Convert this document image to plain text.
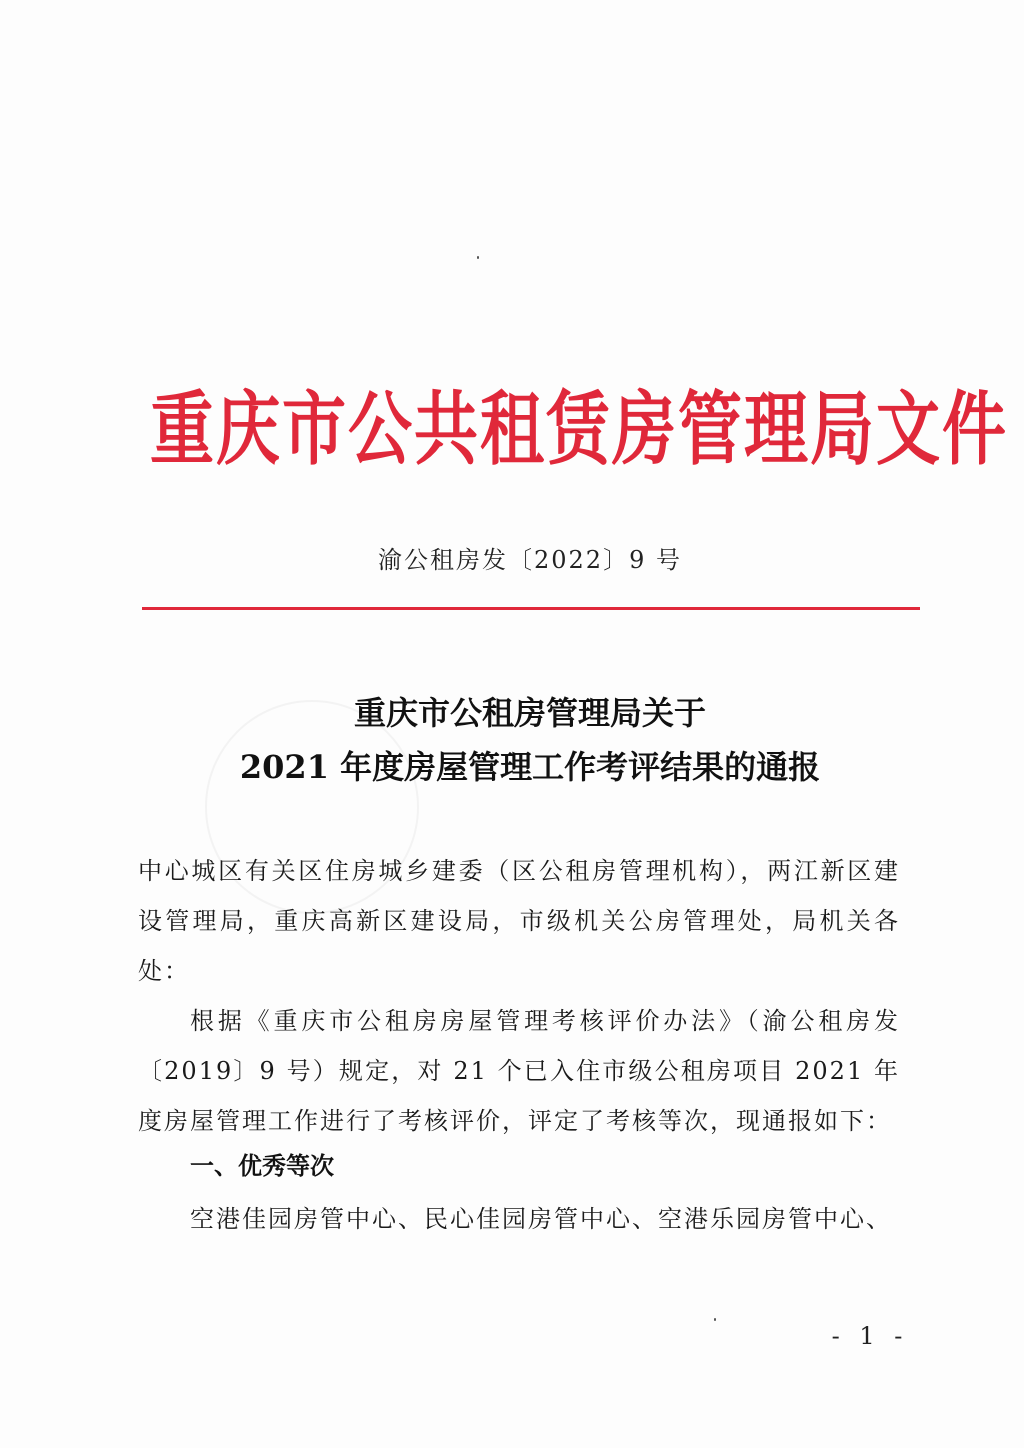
重庆市公共租赁房管理局文件
渝公租房发〔2022〕9 号
重庆市公租房管理局关于
2021 年度房屋管理工作考评结果的通报
中心城区有关区住房城乡建委（区公租房管理机构），两江新区建设管理局，重庆高新区建设局，市级机关公房管理处，局机关各处：
根据《重庆市公租房房屋管理考核评价办法》（渝公租房发〔2019〕9 号）规定，对 21 个已入住市级公租房项目 2021 年度房屋管理工作进行了考核评价，评定了考核等次，现通报如下：
一、优秀等次
空港佳园房管中心、民心佳园房管中心、空港乐园房管中心、
- 1 -
